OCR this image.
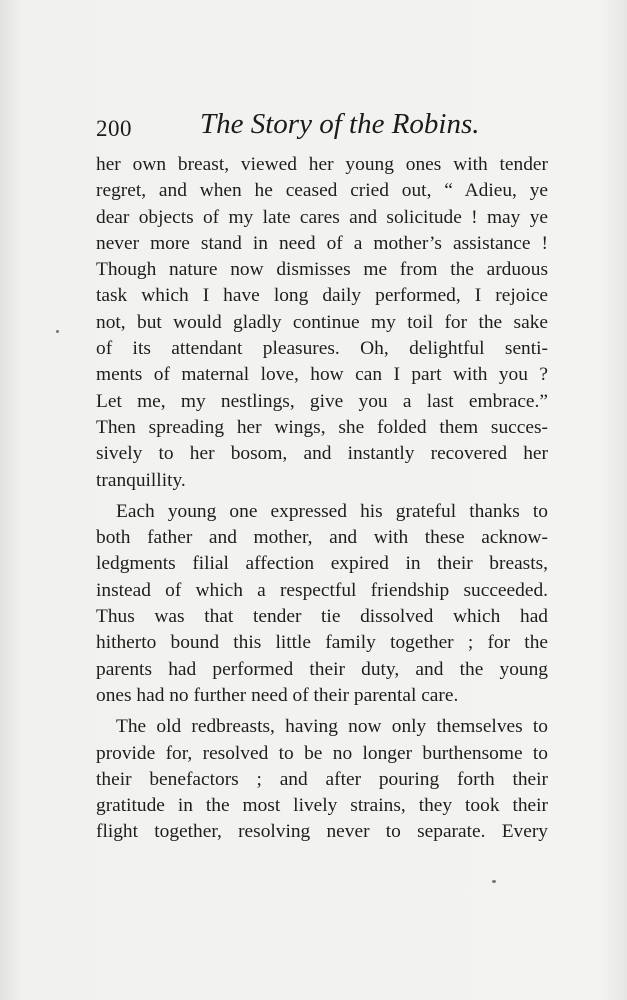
200 The Story of the Robins.
her own breast, viewed her young ones with tender
regret, and when he ceased cried out, “ Adieu, ye
dear objects of my late cares and solicitude ! may ye
never more stand in need of a mother’s assistance !
Though nature now dismisses me from the arduous
task which I have long daily performed, I rejoice
not, but would gladly continue my toil for the sake
of its attendant pleasures. Oh, delightful senti-
ments of maternal love, how can I part with you ?
Let me, my nestlings, give you a last embrace.”
Then spreading her wings, she folded them succes-
sively to her bosom, and instantly recovered her
tranquillity.
Each young one expressed his grateful thanks to
both father and mother, and with these acknow-
ledgments filial affection expired in their breasts,
instead of which a respectful friendship succeeded.
Thus was that tender tie dissolved which had
hitherto bound this little family together ; for the
parents had performed their duty, and the young
ones had no further need of their parental care.
The old redbreasts, having now only themselves to
provide for, resolved to be no longer burthensome to
their benefactors ; and after pouring forth their
gratitude in the most lively strains, they took their
flight together, resolving never to separate. Every
